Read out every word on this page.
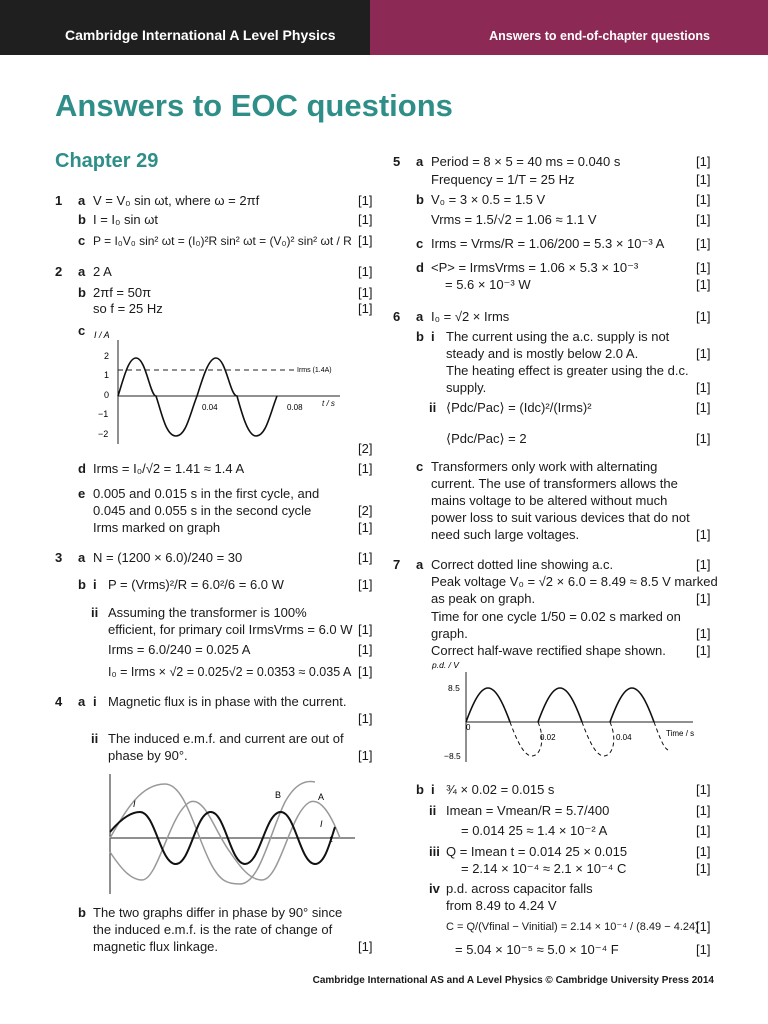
Cambridge International A Level Physics	Answers to end-of-chapter questions
Answers to EOC questions
Chapter 29
1 a V = V₀ sin ωt, where ω = 2πf	[1]
b I = I₀ sin ωt	[1]
c P = I₀V₀ sin² ωt = (I₀)²R sin² ωt = (V₀)² sin² ωt / R [1]
2 a 2 A	[1]
b 2πf = 50π	[1]
so f = 25 Hz	[1]
c I / A
2
1
0
−1
−2
Irms (1.4A)
0.04	0.08 t / s
[2]
d Irms = I₀/√2 = 1.41 ≈ 1.4 A	[1]
e 0.005 and 0.015 s in the first cycle, and
0.045 and 0.055 s in the second cycle	[2]
Irms marked on graph	[1]
3 a N = (1200 × 6.0)/240 = 30	[1]
b i P = (Vrms)²/R = 6.0²/6 = 6.0 W	[1]
ii Assuming the transformer is 100%
efficient, for primary coil IrmsVrms = 6.0 W [1]
Irms = 6.0/240 = 0.025 A	[1]
I₀ = Irms × √2 = 0.025√2 = 0.0353 ≈ 0.035 A [1]
4 a i Magnetic flux is in phase with the current.
[1]
ii The induced e.m.f. and current are out of
phase by 90°.	[1]
I
B	A
I
t
b The two graphs differ in phase by 90° since
the induced e.m.f. is the rate of change of
magnetic flux linkage.	[1]
5 a Period = 8 × 5 = 40 ms = 0.040 s	[1]
Frequency = 1/T = 25 Hz	[1]
b V₀ = 3 × 0.5 = 1.5 V	[1]
Vrms = 1.5/√2 = 1.06 ≈ 1.1 V	[1]
c Irms = Vrms/R = 1.06/200 = 5.3 × 10⁻³ A [1]
d <P> = IrmsVrms = 1.06 × 5.3 × 10⁻³	[1]
= 5.6 × 10⁻³ W	[1]
6 a I₀ = √2 × Irms	[1]
b i The current using the a.c. supply is not
steady and is mostly below 2.0 A.	[1]
The heating effect is greater using the d.c.
supply.	[1]
ii ⟨Pdc/Pac⟩ = (Idc)²/(Irms)²	[1]
⟨Pdc/Pac⟩ = 2	[1]
c Transformers only work with alternating
current. The use of transformers allows the
mains voltage to be altered without much
power loss to suit various devices that do not
need such large voltages.	[1]
7 a Correct dotted line showing a.c.	[1]
Peak voltage V₀ = √2 × 6.0 = 8.49 ≈ 8.5 V marked
as peak on graph.	[1]
Time for one cycle 1/50 = 0.02 s marked on
graph.	[1]
Correct half-wave rectified shape shown. [1]
p.d. / V
8.5
0
−8.5
0.02	0.04	Time / s
b i ¾ × 0.02 = 0.015 s	[1]
ii Imean = Vmean/R = 5.7/400	[1]
= 0.014 25 ≈ 1.4 × 10⁻² A	[1]
iii Q = Imean t = 0.014 25 × 0.015	[1]
= 2.14 × 10⁻⁴ ≈ 2.1 × 10⁻⁴ C	[1]
iv p.d. across capacitor falls
from 8.49 to 4.24 V
C = Q/(Vfinal − Vinitial) = 2.14 × 10⁻⁴ / (8.49 − 4.24)
[1]
= 5.04 × 10⁻⁵ ≈ 5.0 × 10⁻⁴ F	[1]
Cambridge International AS and A Level Physics © Cambridge University Press 2014
